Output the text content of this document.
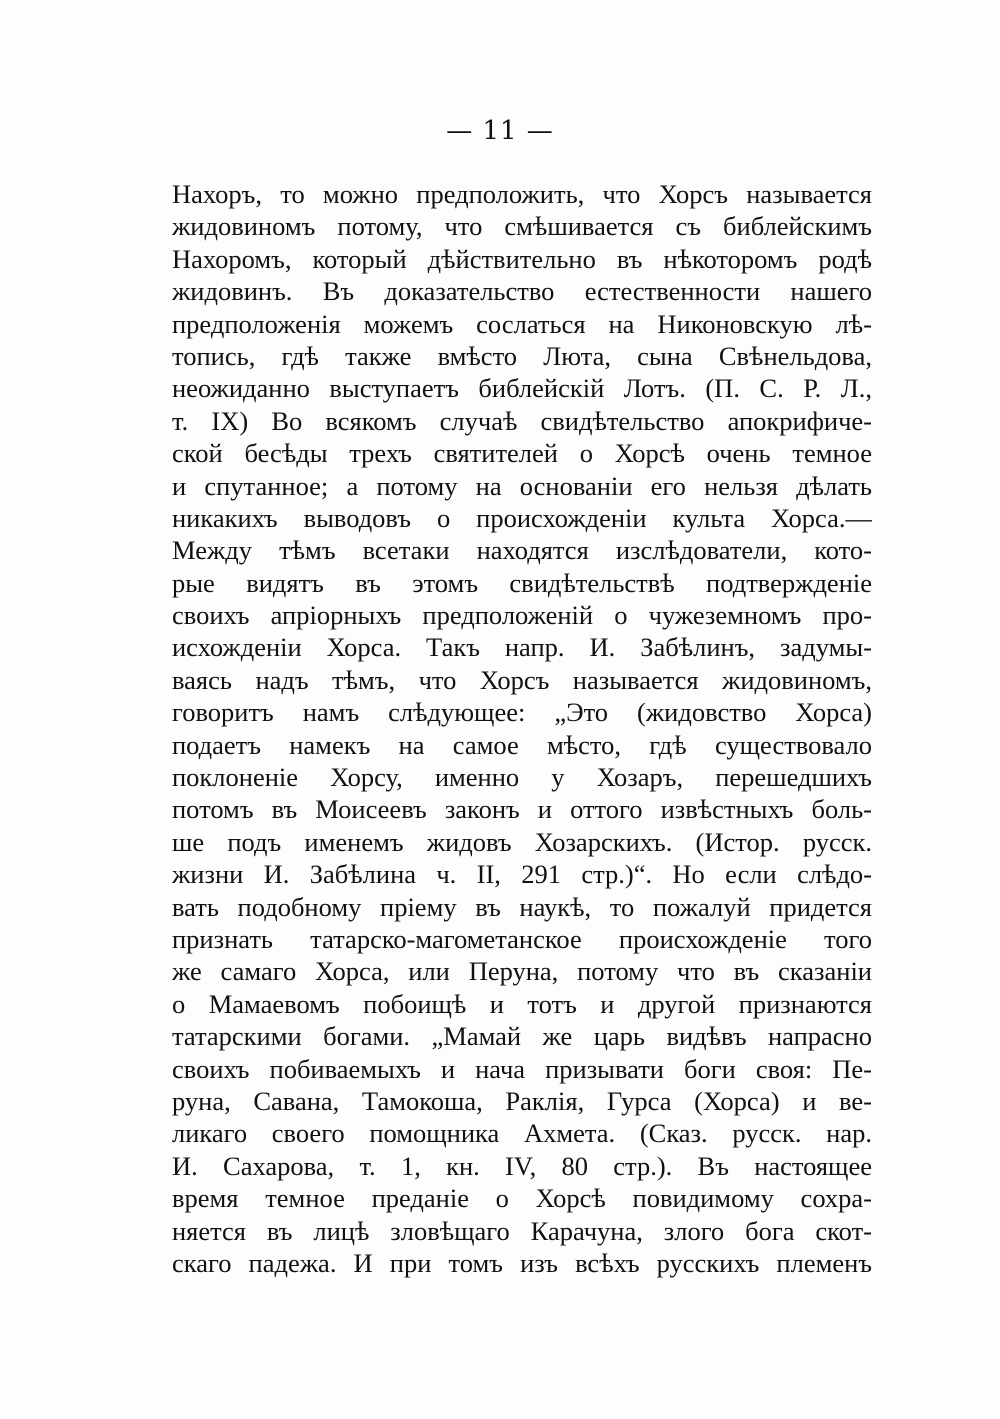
— 11 —
Нахоръ, то можно предположить, что Хорсъ называется
жидовиномъ потому, что смѣшивается съ библейскимъ
Нахоромъ, который дѣйствительно въ нѣкоторомъ родѣ
жидовинъ. Въ доказательство естественности нашего
предположенія можемъ сослаться на Никоновскую лѣ-
топись, гдѣ также вмѣсто Люта, сына Свѣнельдова,
неожиданно выступаетъ библейскій Лотъ. (П. С. Р. Л.,
т. IX) Во всякомъ случаѣ свидѣтельство апокрифиче-
ской бесѣды трехъ святителей о Хорсѣ очень темное
и спутанное; а потому на основаніи его нельзя дѣлать
никакихъ выводовъ о происхожденіи культа Хорса.—
Между тѣмъ всетаки находятся изслѣдователи, кото-
рые видятъ въ этомъ свидѣтельствѣ подтвержденіе
своихъ апріорныхъ предположеній о чужеземномъ про-
исхожденіи Хорса. Такъ напр. И. Забѣлинъ, задумы-
ваясь надъ тѣмъ, что Хорсъ называется жидовиномъ,
говоритъ намъ слѣдующее: „Это (жидовство Хорса)
подаетъ намекъ на самое мѣсто, гдѣ существовало
поклоненіе Хорсу, именно у Хозаръ, перешедшихъ
потомъ въ Моисеевъ законъ и оттого извѣстныхъ боль-
ше подъ именемъ жидовъ Хозарскихъ. (Истор. русск.
жизни И. Забѣлина ч. II, 291 стр.)“. Но если слѣдо-
вать подобному пріему въ наукѣ, то пожалуй придется
признать татарско-магометанское происхожденіе того
же самаго Хорса, или Перуна, потому что въ сказаніи
о Мамаевомъ побоищѣ и тотъ и другой признаются
татарскими богами. „Мамай же царь видѣвъ напрасно
своихъ побиваемыхъ и нача призывати боги своя: Пе-
руна, Савана, Тамокоша, Раклія, Гурса (Хорса) и ве-
ликаго своего помощника Ахмета. (Сказ. русск. нар.
И. Сахарова, т. 1, кн. IV, 80 стр.). Въ настоящее
время темное преданіе о Хорсѣ повидимому сохра-
няется въ лицѣ зловѣщаго Карачуна, злого бога скот-
скаго падежа. И при томъ изъ всѣхъ русскихъ племенъ
